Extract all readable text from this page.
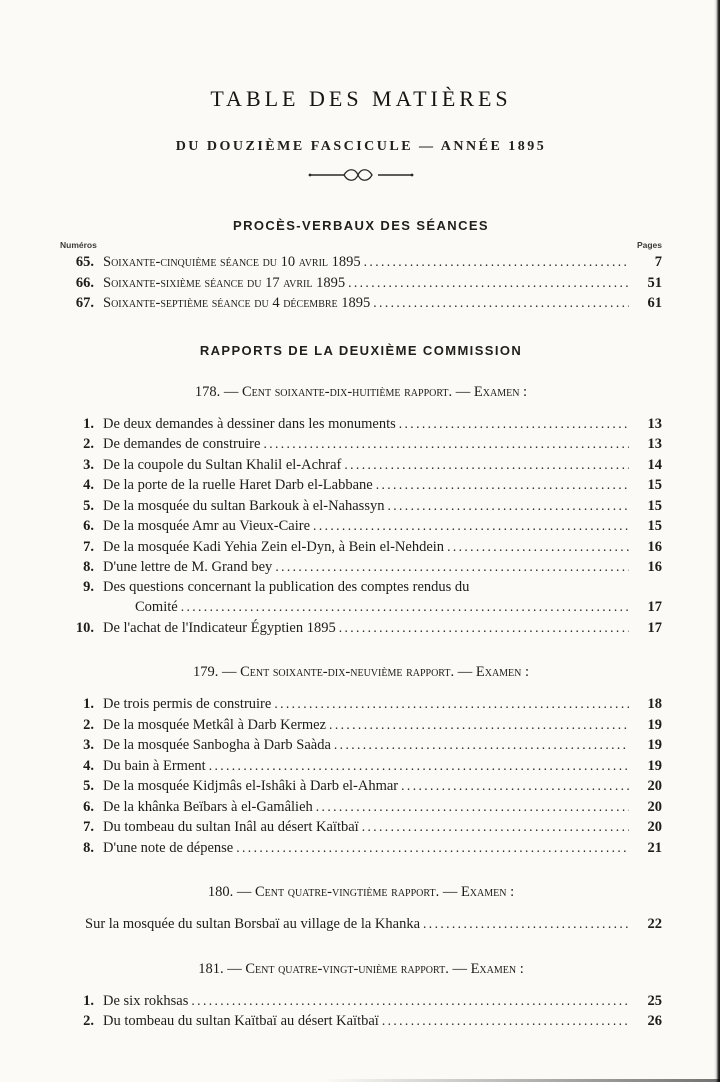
TABLE DES MATIÈRES
DU DOUZIÈME FASCICULE — ANNÉE 1895
PROCÈS-VERBAUX DES SÉANCES
Numéros	Pages
65. Soixante-cinquième séance du 10 avril 1895 .....	7
66. Soixante-sixième séance du 17 avril 1895 .....	51
67. Soixante-septième séance du 4 décembre 1895 .....	61
RAPPORTS DE LA DEUXIÈME COMMISSION
178. — Cent soixante-dix-huitième rapport. — Examen :
1. De deux demandes à dessiner dans les monuments .....	13
2. De demandes de construire .....	13
3. De la coupole du Sultan Khalil el-Achraf .....	14
4. De la porte de la ruelle Haret Darb el-Labbane .....	15
5. De la mosquée du sultan Barkouk à el-Nahassyn .....	15
6. De la mosquée Amr au Vieux-Caire .....	15
7. De la mosquée Kadi Yehia Zein el-Dyn, à Bein el-Nehdein .....	16
8. D'une lettre de M. Grand bey .....	16
9. Des questions concernant la publication des comptes rendus du
Comité .....	17
10. De l'achat de l'Indicateur Égyptien 1895 .....	17
179. — Cent soixante-dix-neuvième rapport. — Examen :
1. De trois permis de construire .....	18
2. De la mosquée Metkâl à Darb Kermez .....	19
3. De la mosquée Sanbogha à Darb Saàda .....	19
4. Du bain à Erment .....	19
5. De la mosquée Kidjmâs el-Ishâki à Darb el-Ahmar .....	20
6. De la khânka Beïbars à el-Gamâlieh .....	20
7. Du tombeau du sultan Inâl au désert Kaïtbaï .....	20
8. D'une note de dépense .....	21
180. — Cent quatre-vingtième rapport. — Examen :
Sur la mosquée du sultan Borsbaï au village de la Khanka .....	22
181. — Cent quatre-vingt-unième rapport. — Examen :
1. De six rokhsas .....	25
2. Du tombeau du sultan Kaïtbaï au désert Kaïtbaï .....	26
